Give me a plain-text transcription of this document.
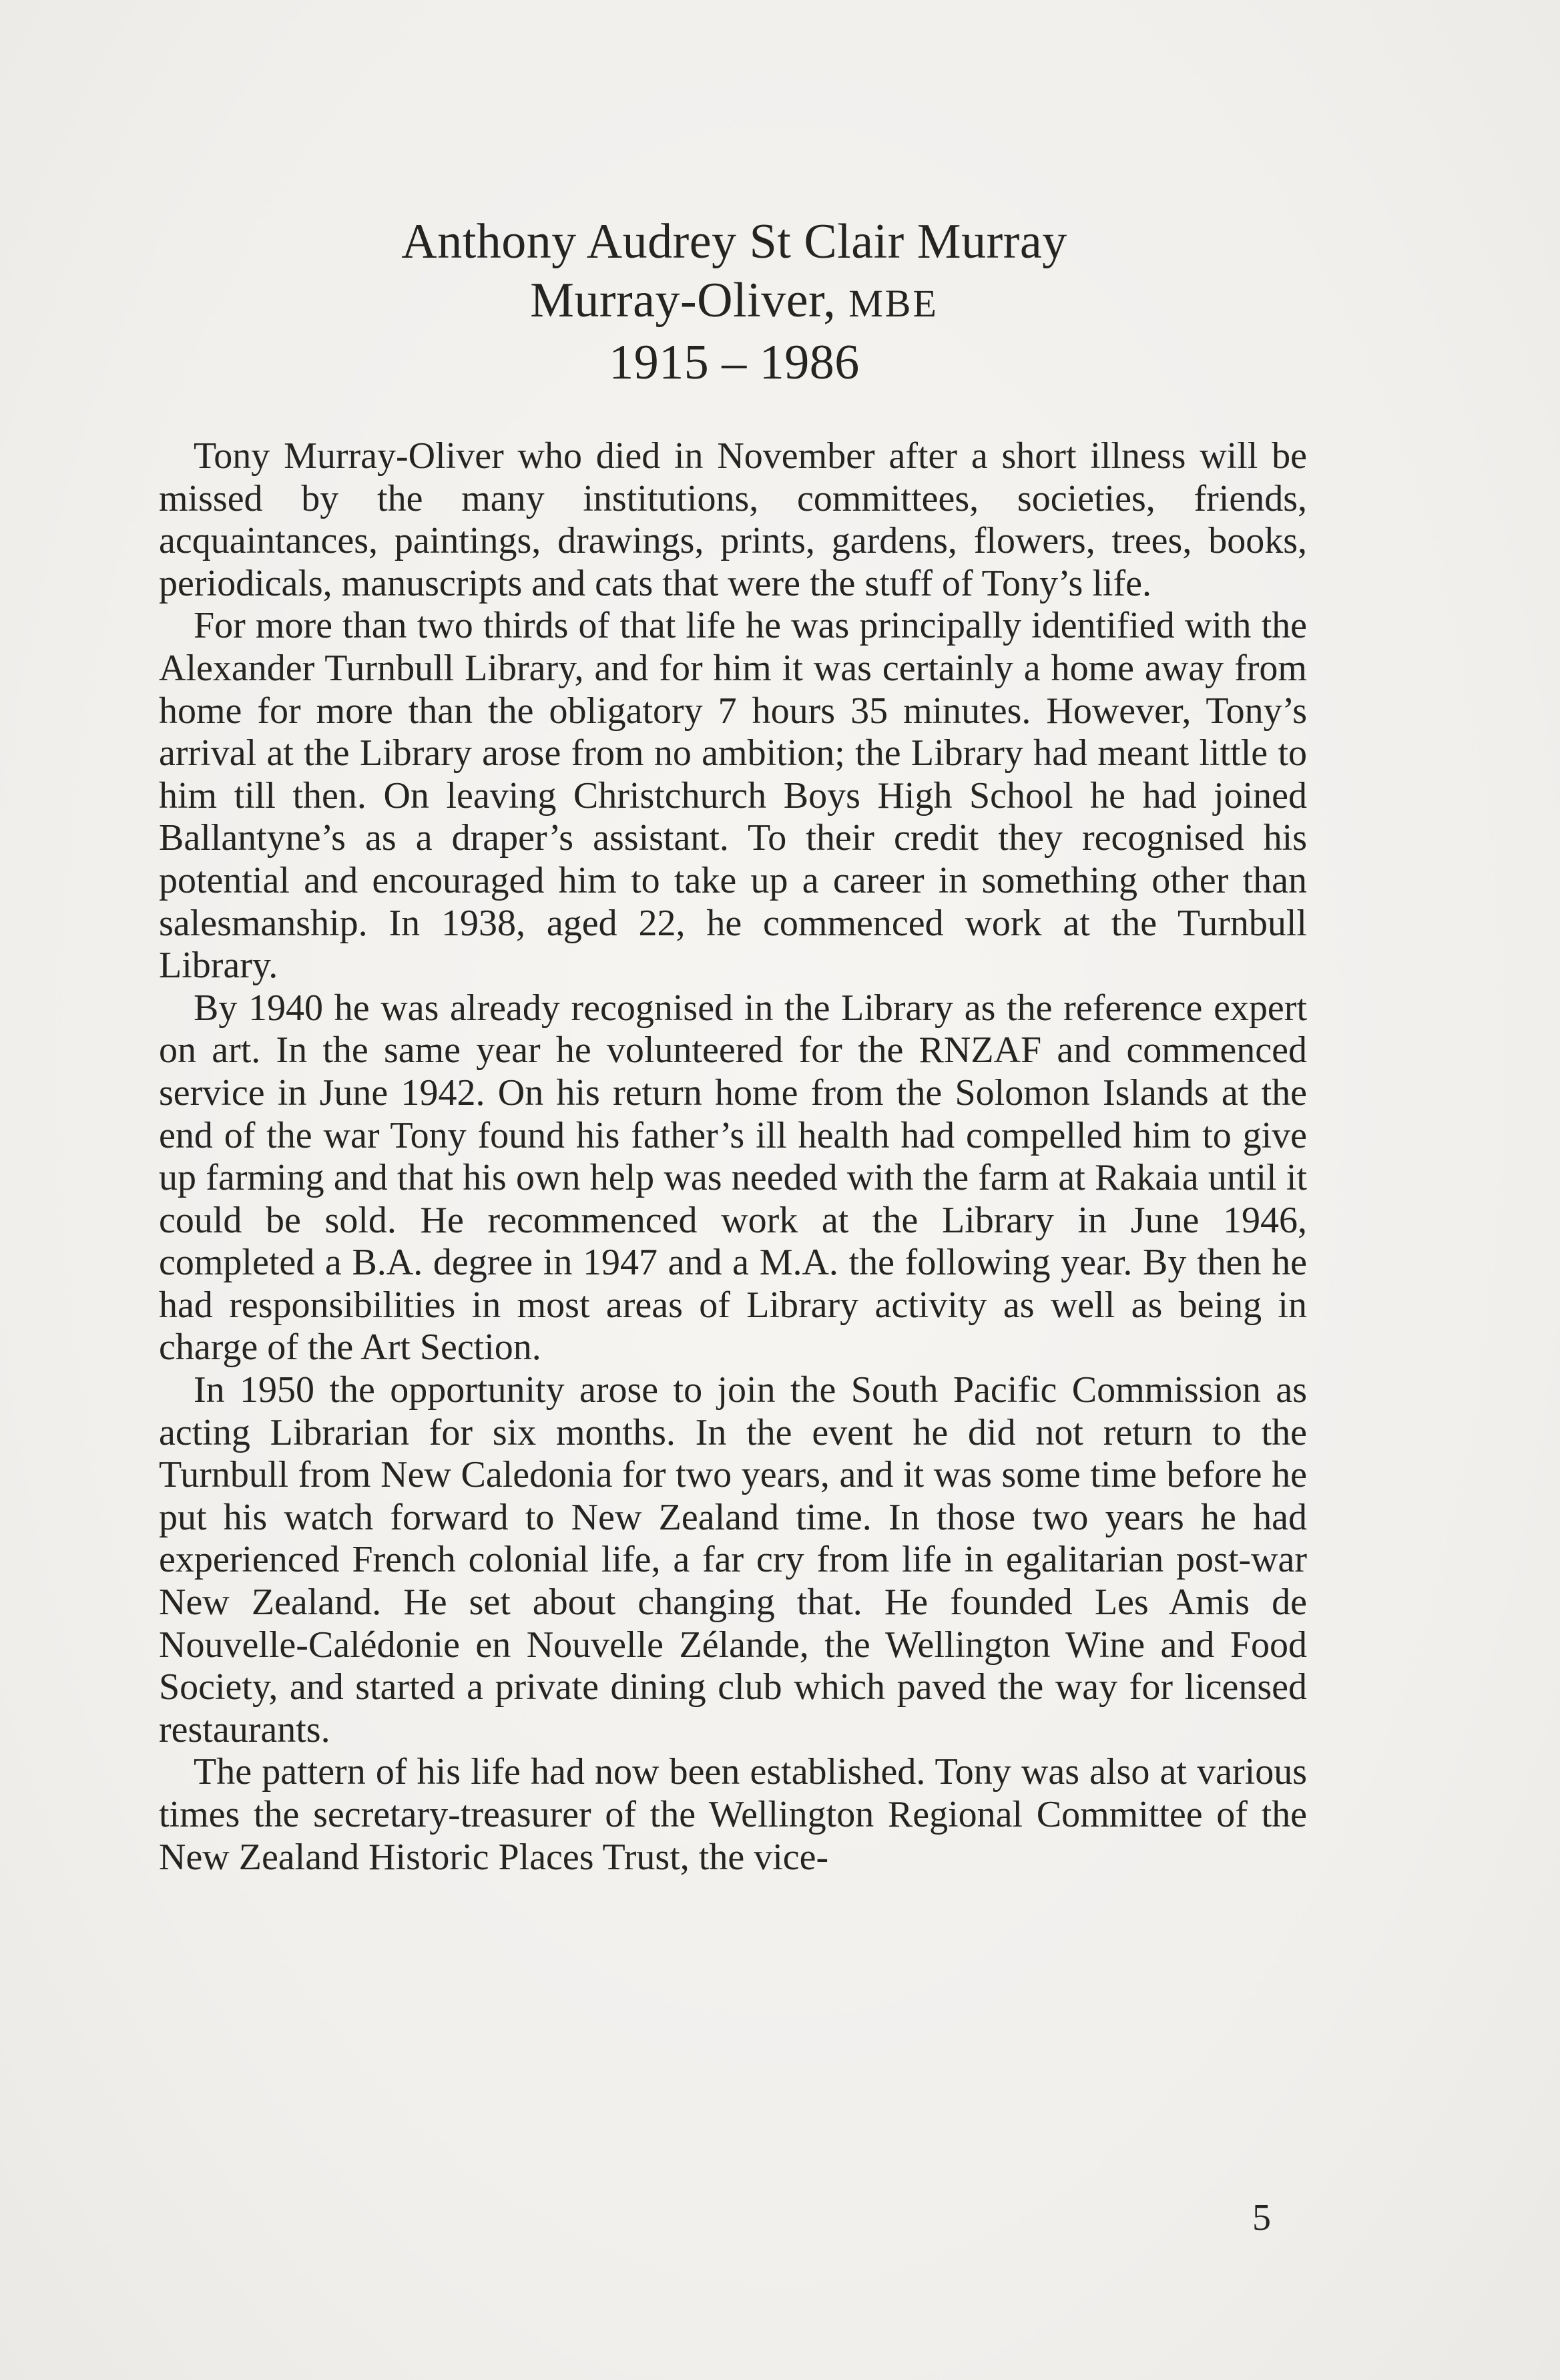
Anthony Audrey St Clair Murray
Murray-Oliver, MBE
1915 – 1986

Tony Murray-Oliver who died in November after a short illness will be missed by the many institutions, committees, societies, friends, acquaintances, paintings, drawings, prints, gardens, flowers, trees, books, periodicals, manuscripts and cats that were the stuff of Tony’s life.

For more than two thirds of that life he was principally identified with the Alexander Turnbull Library, and for him it was certainly a home away from home for more than the obligatory 7 hours 35 minutes. However, Tony’s arrival at the Library arose from no ambition; the Library had meant little to him till then. On leaving Christchurch Boys High School he had joined Ballantyne’s as a draper’s assistant. To their credit they recognised his potential and encouraged him to take up a career in something other than salesmanship. In 1938, aged 22, he commenced work at the Turnbull Library.

By 1940 he was already recognised in the Library as the reference expert on art. In the same year he volunteered for the RNZAF and commenced service in June 1942. On his return home from the Solomon Islands at the end of the war Tony found his father’s ill health had compelled him to give up farming and that his own help was needed with the farm at Rakaia until it could be sold. He recommenced work at the Library in June 1946, completed a B.A. degree in 1947 and a M.A. the following year. By then he had responsibilities in most areas of Library activity as well as being in charge of the Art Section.

In 1950 the opportunity arose to join the South Pacific Commission as acting Librarian for six months. In the event he did not return to the Turnbull from New Caledonia for two years, and it was some time before he put his watch forward to New Zealand time. In those two years he had experienced French colonial life, a far cry from life in egalitarian post-war New Zealand. He set about changing that. He founded Les Amis de Nouvelle-Calédonie en Nouvelle Zélande, the Wellington Wine and Food Society, and started a private dining club which paved the way for licensed restaurants.

The pattern of his life had now been established. Tony was also at various times the secretary-treasurer of the Wellington Regional Committee of the New Zealand Historic Places Trust, the vice-

5
